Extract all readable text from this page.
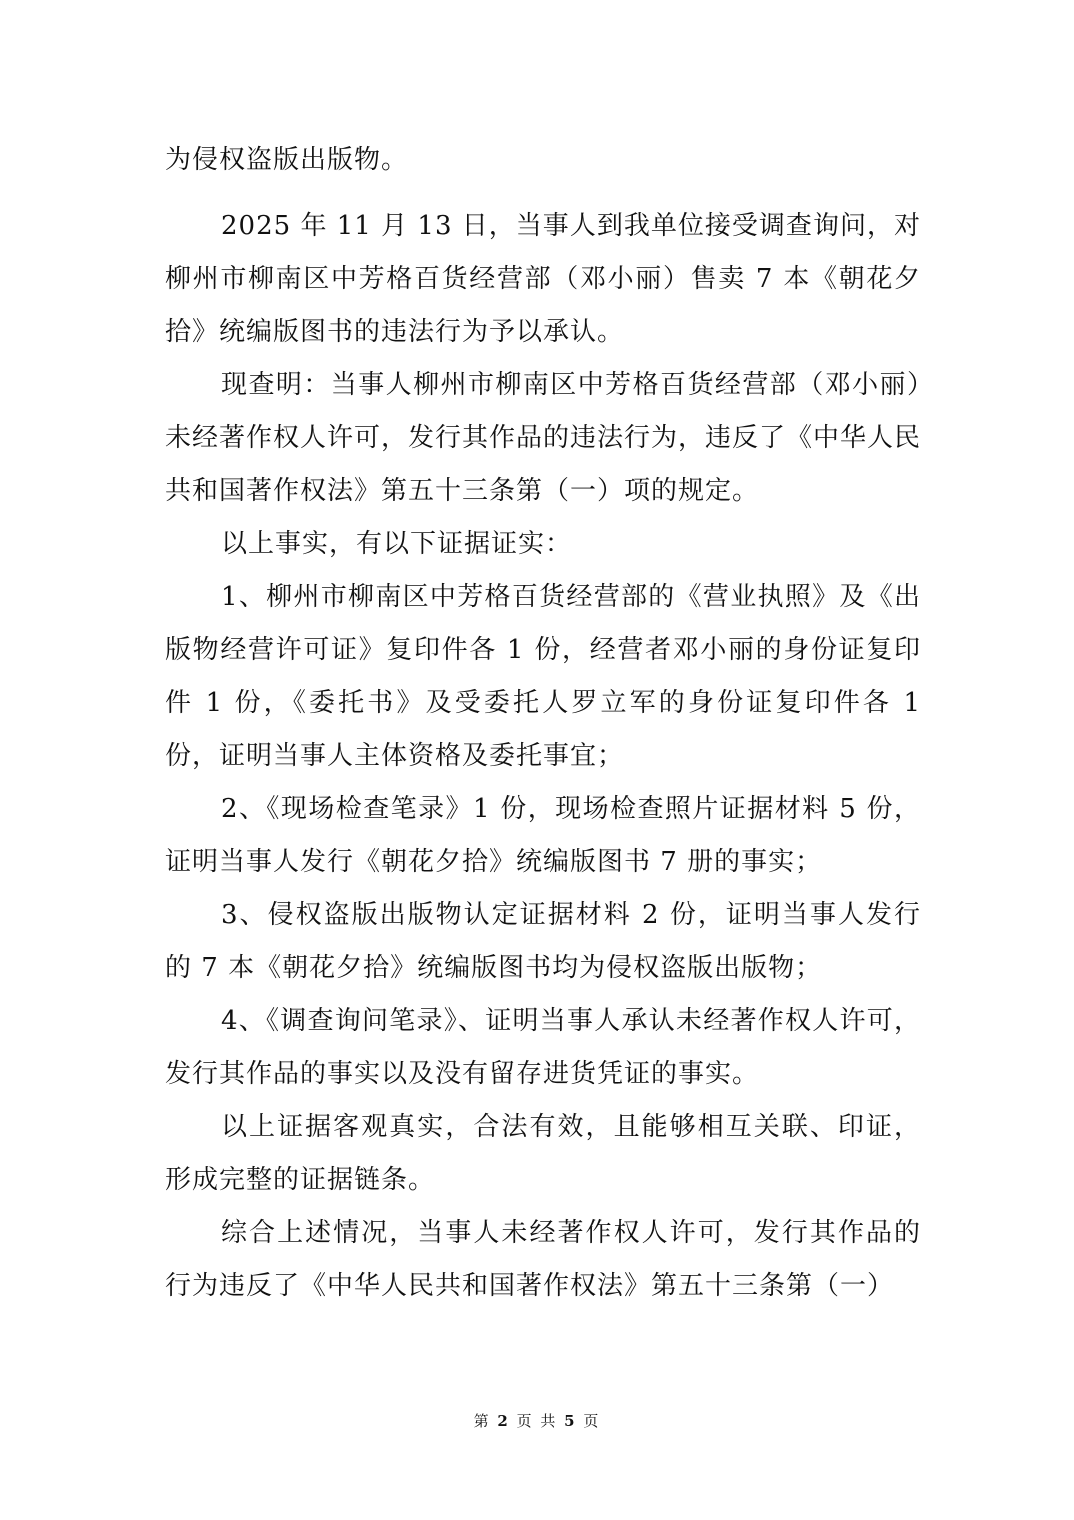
为侵权盗版出版物。

2025 年 11 月 13 日，当事人到我单位接受调查询问，对柳州市柳南区中芳格百货经营部（邓小丽）售卖 7 本《朝花夕拾》统编版图书的违法行为予以承认。

现查明：当事人柳州市柳南区中芳格百货经营部（邓小丽）未经著作权人许可，发行其作品的违法行为，违反了《中华人民共和国著作权法》第五十三条第（一）项的规定。

以上事实，有以下证据证实：

1、柳州市柳南区中芳格百货经营部的《营业执照》及《出版物经营许可证》复印件各 1 份，经营者邓小丽的身份证复印件 1 份，《委托书》及受委托人罗立军的身份证复印件各 1 份，证明当事人主体资格及委托事宜；

2、《现场检查笔录》1 份，现场检查照片证据材料 5 份，证明当事人发行《朝花夕拾》统编版图书 7 册的事实；

3、侵权盗版出版物认定证据材料 2 份，证明当事人发行的 7 本《朝花夕拾》统编版图书均为侵权盗版出版物；

4、《调查询问笔录》、证明当事人承认未经著作权人许可，发行其作品的事实以及没有留存进货凭证的事实。

以上证据客观真实，合法有效，且能够相互关联、印证，形成完整的证据链条。

综合上述情况，当事人未经著作权人许可，发行其作品的行为违反了《中华人民共和国著作权法》第五十三条第（一）

第 2 页 共 5 页
